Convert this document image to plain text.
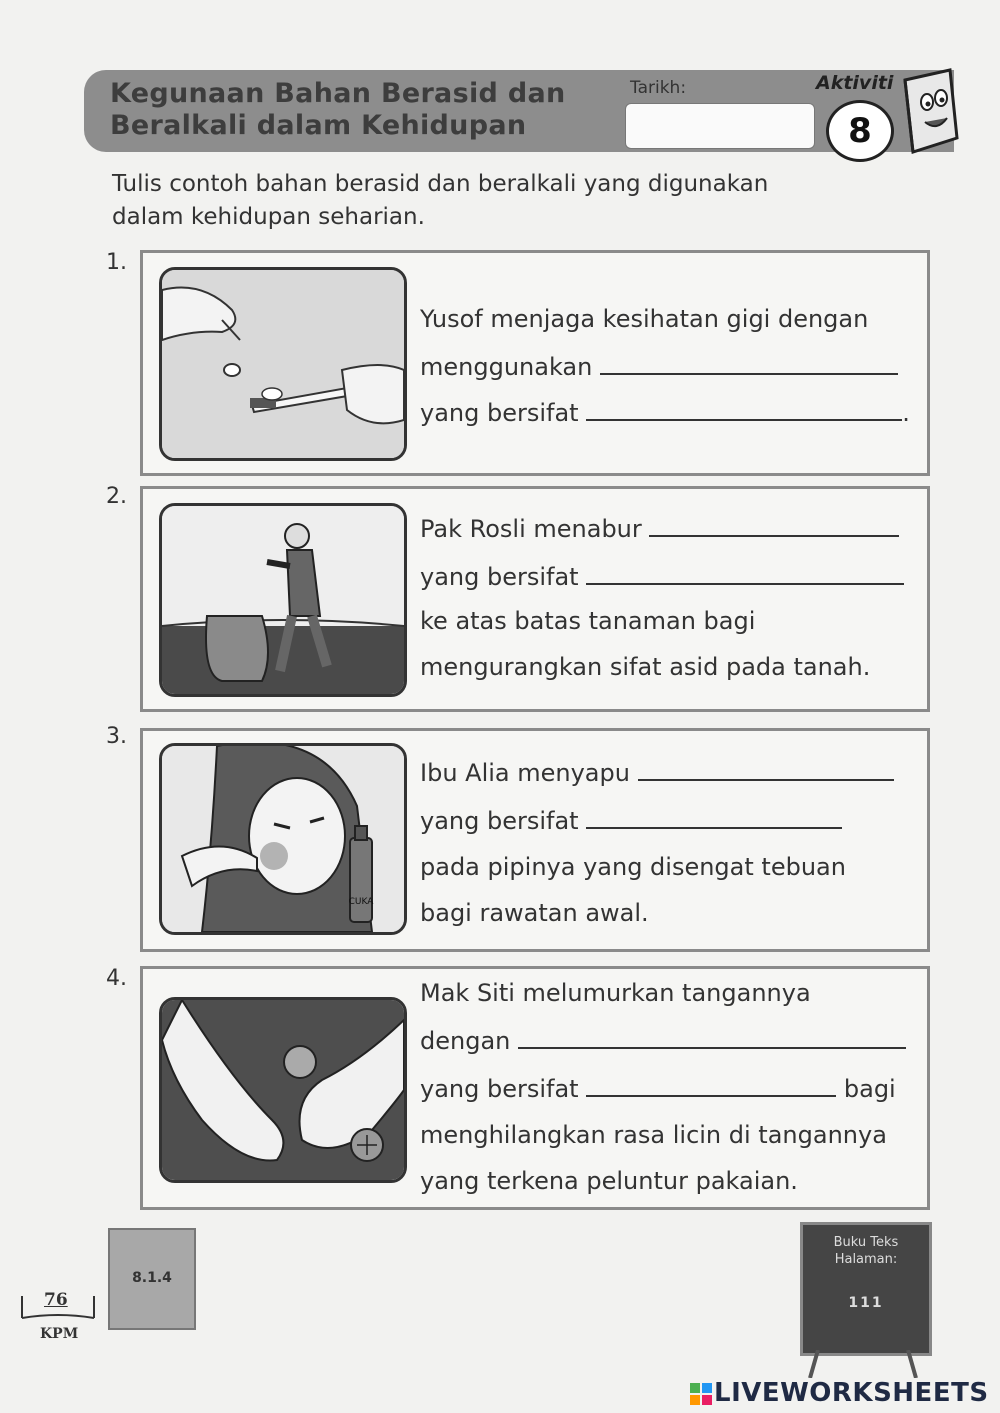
Kegunaan Bahan Berasid dan
Beralkali dalam Kehidupan
Tarikh:	Aktiviti
8
Tulis contoh bahan berasid dan beralkali yang digunakan
dalam kehidupan seharian.
1.
Yusof menjaga kesihatan gigi dengan
menggunakan
yang bersifat	.
2.
Pak Rosli menabur
yang bersifat
ke atas batas tanaman bagi
mengurangkan sifat asid pada tanah.
3.
CUKA
Ibu Alia menyapu
yang bersifat
pada pipinya yang disengat tebuan
bagi rawatan awal.
4.
Mak Siti melumurkan tangannya
dengan
yang bersifat	bagi
menghilangkan rasa licin di tangannya
yang terkena peluntur pakaian.
76
KPM
8.1.4
Buku Teks
Halaman:
111
LIVEWORKSHEETS
